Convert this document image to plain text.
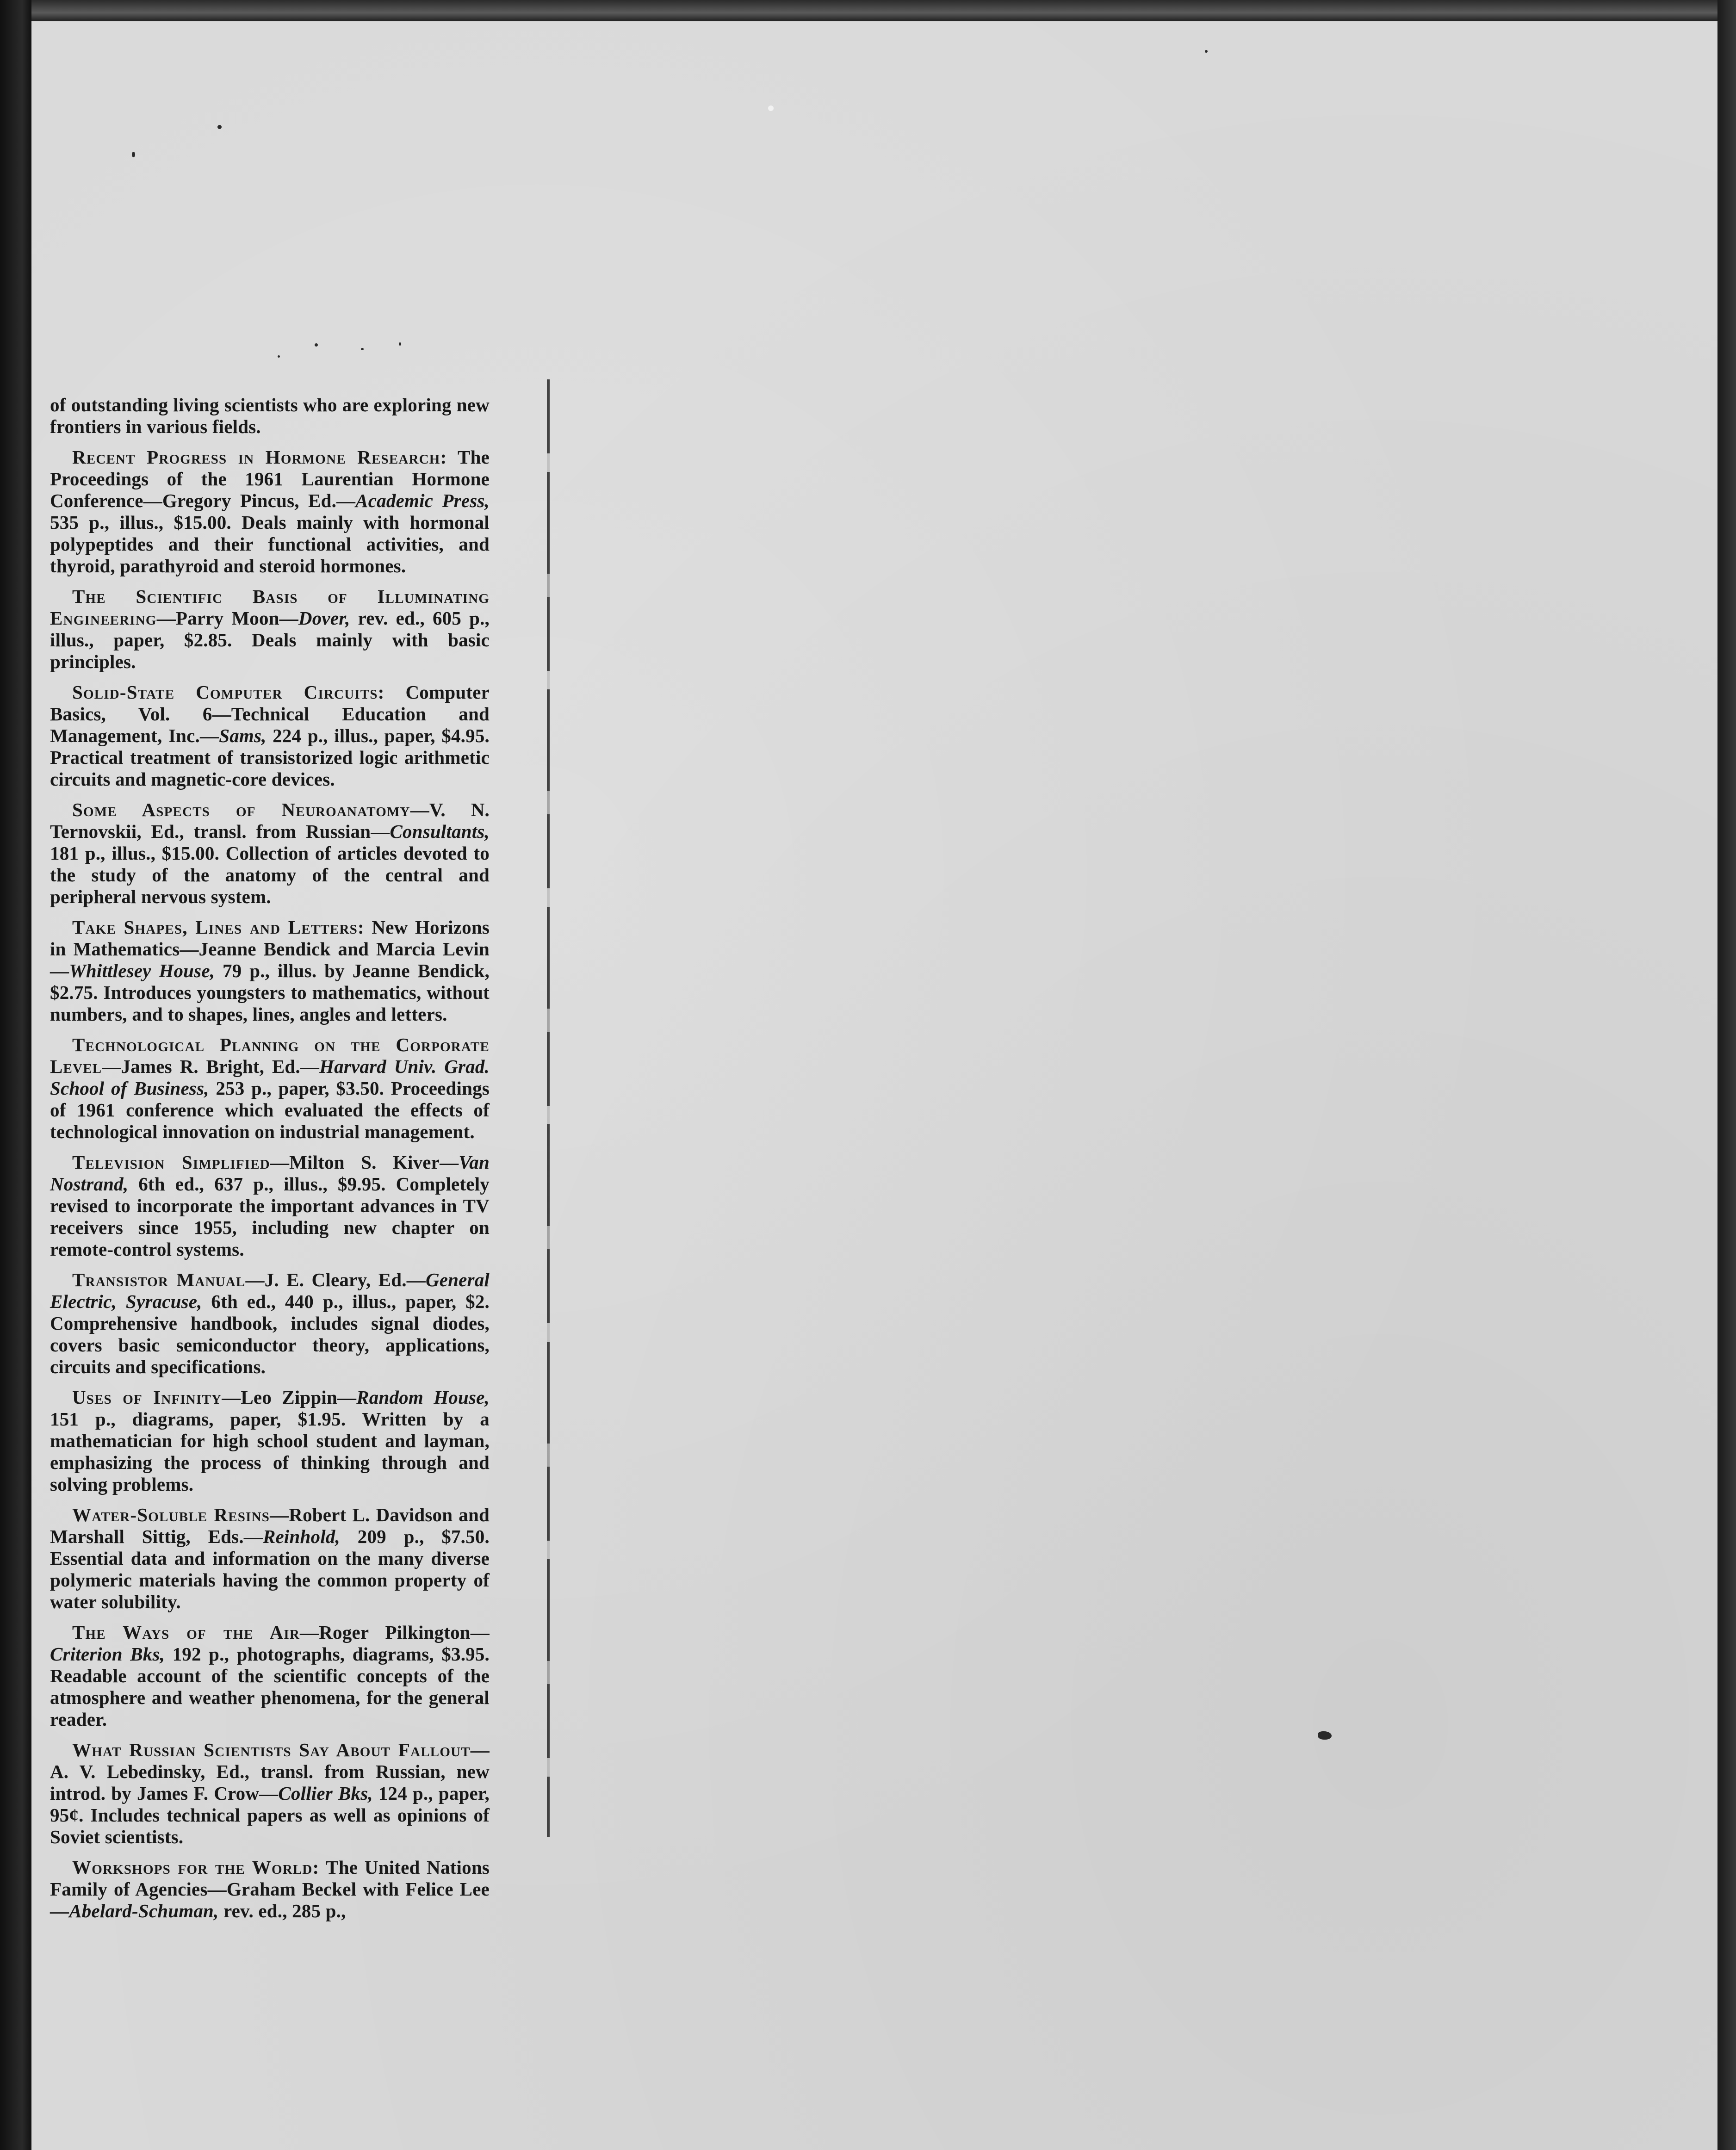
of outstanding living scientists who are exploring new frontiers in various fields.

Recent Progress in Hormone Research: The Proceedings of the 1961 Laurentian Hormone Conference—Gregory Pincus, Ed.—Academic Press, 535 p., illus., $15.00. Deals mainly with hormonal polypeptides and their functional activities, and thyroid, parathyroid and steroid hormones.

The Scientific Basis of Illuminating Engineering—Parry Moon—Dover, rev. ed., 605 p., illus., paper, $2.85. Deals mainly with basic principles.

Solid-State Computer Circuits: Computer Basics, Vol. 6—Technical Education and Management, Inc.—Sams, 224 p., illus., paper, $4.95. Practical treatment of transistorized logic arithmetic circuits and magnetic-core devices.

Some Aspects of Neuroanatomy—V. N. Ternovskii, Ed., transl. from Russian—Consultants, 181 p., illus., $15.00. Collection of articles devoted to the study of the anatomy of the central and peripheral nervous system.

Take Shapes, Lines and Letters: New Horizons in Mathematics—Jeanne Bendick and Marcia Levin—Whittlesey House, 79 p., illus. by Jeanne Bendick, $2.75. Introduces youngsters to mathematics, without numbers, and to shapes, lines, angles and letters.

Technological Planning on the Corporate Level—James R. Bright, Ed.—Harvard Univ. Grad. School of Business, 253 p., paper, $3.50. Proceedings of 1961 conference which evaluated the effects of technological innovation on industrial management.

Television Simplified—Milton S. Kiver—Van Nostrand, 6th ed., 637 p., illus., $9.95. Completely revised to incorporate the important advances in TV receivers since 1955, including new chapter on remote-control systems.

Transistor Manual—J. E. Cleary, Ed.—General Electric, Syracuse, 6th ed., 440 p., illus., paper, $2. Comprehensive handbook, includes signal diodes, covers basic semiconductor theory, applications, circuits and specifications.

Uses of Infinity—Leo Zippin—Random House, 151 p., diagrams, paper, $1.95. Written by a mathematician for high school student and layman, emphasizing the process of thinking through and solving problems.

Water-Soluble Resins—Robert L. Davidson and Marshall Sittig, Eds.—Reinhold, 209 p., $7.50. Essential data and information on the many diverse polymeric materials having the common property of water solubility.

The Ways of the Air—Roger Pilkington—Criterion Bks, 192 p., photographs, diagrams, $3.95. Readable account of the scientific concepts of the atmosphere and weather phenomena, for the general reader.

What Russian Scientists Say About Fallout—A. V. Lebedinsky, Ed., transl. from Russian, new introd. by James F. Crow—Collier Bks, 124 p., paper, 95¢. Includes technical papers as well as opinions of Soviet scientists.

Workshops for the World: The United Nations Family of Agencies—Graham Beckel with Felice Lee—Abelard-Schuman, rev. ed., 285 p.,
